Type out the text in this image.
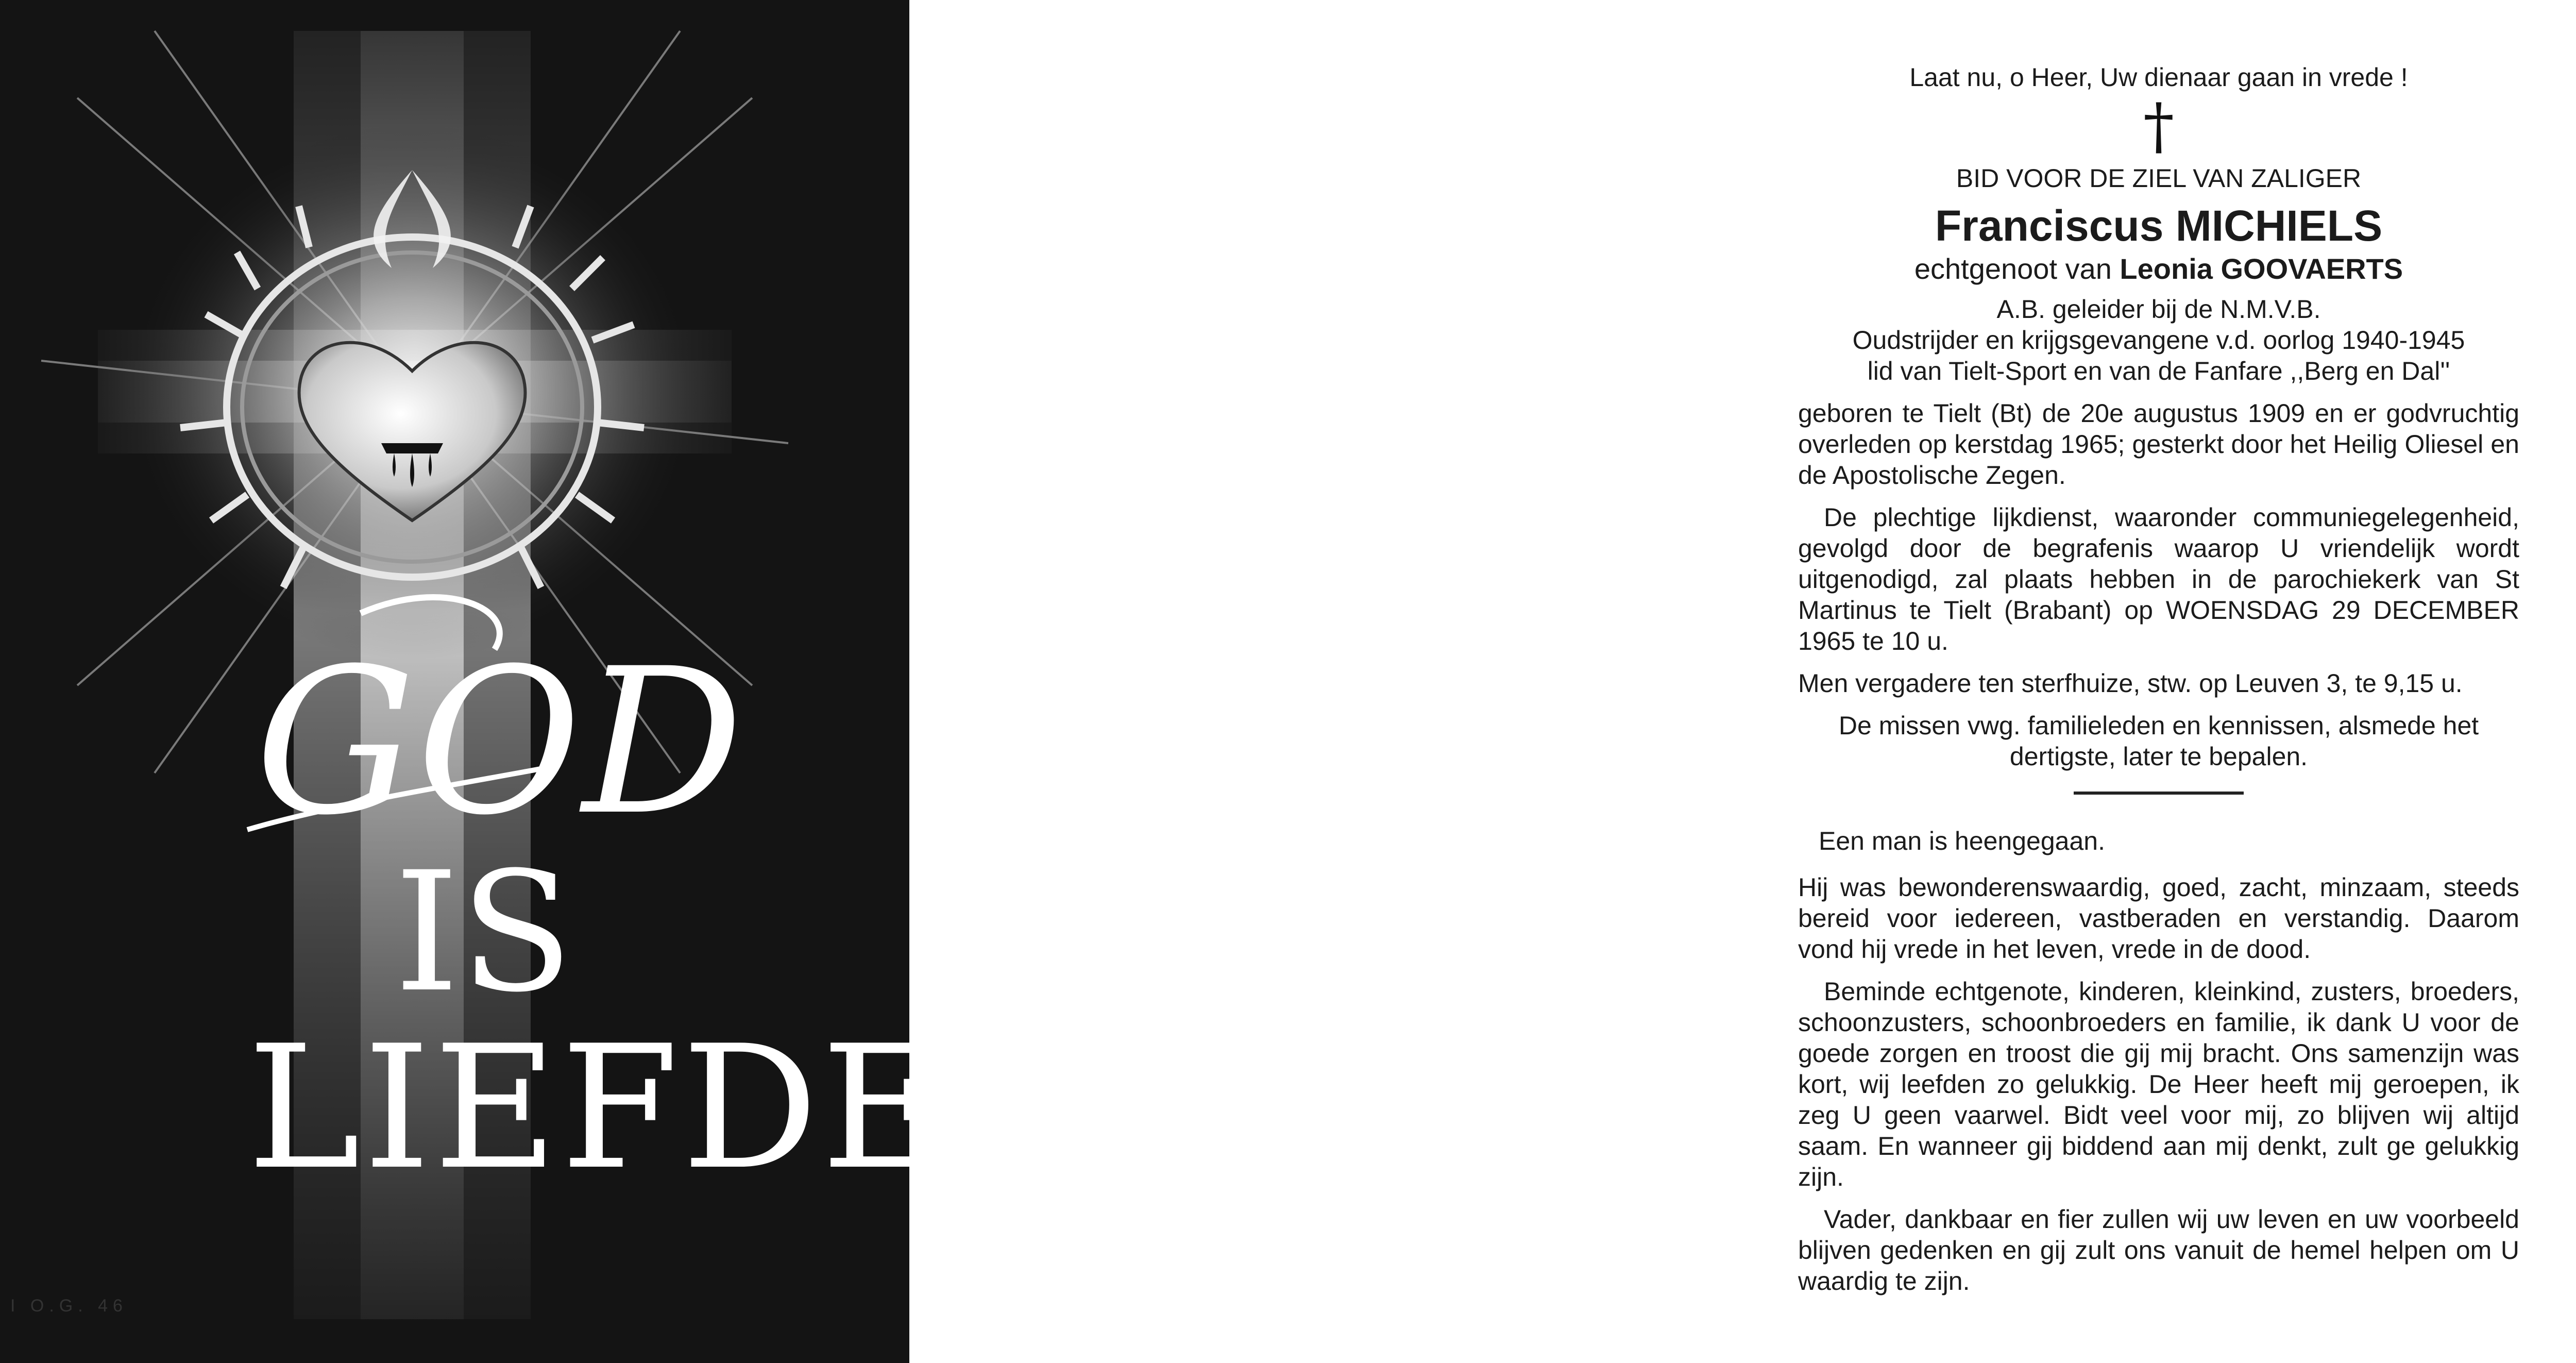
I O.G. 46
GOD
IS
LIEFDE

Laat nu, o Heer, Uw dienaar gaan in vrede !

†

BID VOOR DE ZIEL VAN ZALIGER

Franciscus MICHIELS

echtgenoot van Leonia GOOVAERTS

A.B. geleider bij de N.M.V.B.

Oudstrijder en krijgsgevangene v.d. oorlog 1940-1945

lid van Tielt-Sport en van de Fanfare ,,Berg en Dal''

geboren te Tielt (Bt) de 20e augustus 1909 en er godvruchtig overleden op kerstdag 1965; gesterkt door het Heilig Oliesel en de Apostolische Zegen.

De plechtige lijkdienst, waaronder communiegelegenheid, gevolgd door de begrafenis waarop U vriendelijk wordt uitgenodigd, zal plaats hebben in de parochiekerk van St Martinus te Tielt (Brabant) op WOENSDAG 29 DECEMBER 1965 te 10 u.

Men vergadere ten sterfhuize, stw. op Leuven 3, te 9,15 u.

De missen vwg. familieleden en kennissen, alsmede het dertigste, later te bepalen.

Een man is heengegaan.

Hij was bewonderenswaardig, goed, zacht, minzaam, steeds bereid voor iedereen, vastberaden en verstandig. Daarom vond hij vrede in het leven, vrede in de dood.

Beminde echtgenote, kinderen, kleinkind, zusters, broeders, schoonzusters, schoonbroeders en familie, ik dank U voor de goede zorgen en troost die gij mij bracht. Ons samenzijn was kort, wij leefden zo gelukkig. De Heer heeft mij geroepen, ik zeg U geen vaarwel. Bidt veel voor mij, zo blijven wij altijd saam. En wanneer gij biddend aan mij denkt, zult ge gelukkig zijn.

Vader, dankbaar en fier zullen wij uw leven en uw voorbeeld blijven gedenken en gij zult ons vanuit de hemel helpen om U waardig te zijn.
